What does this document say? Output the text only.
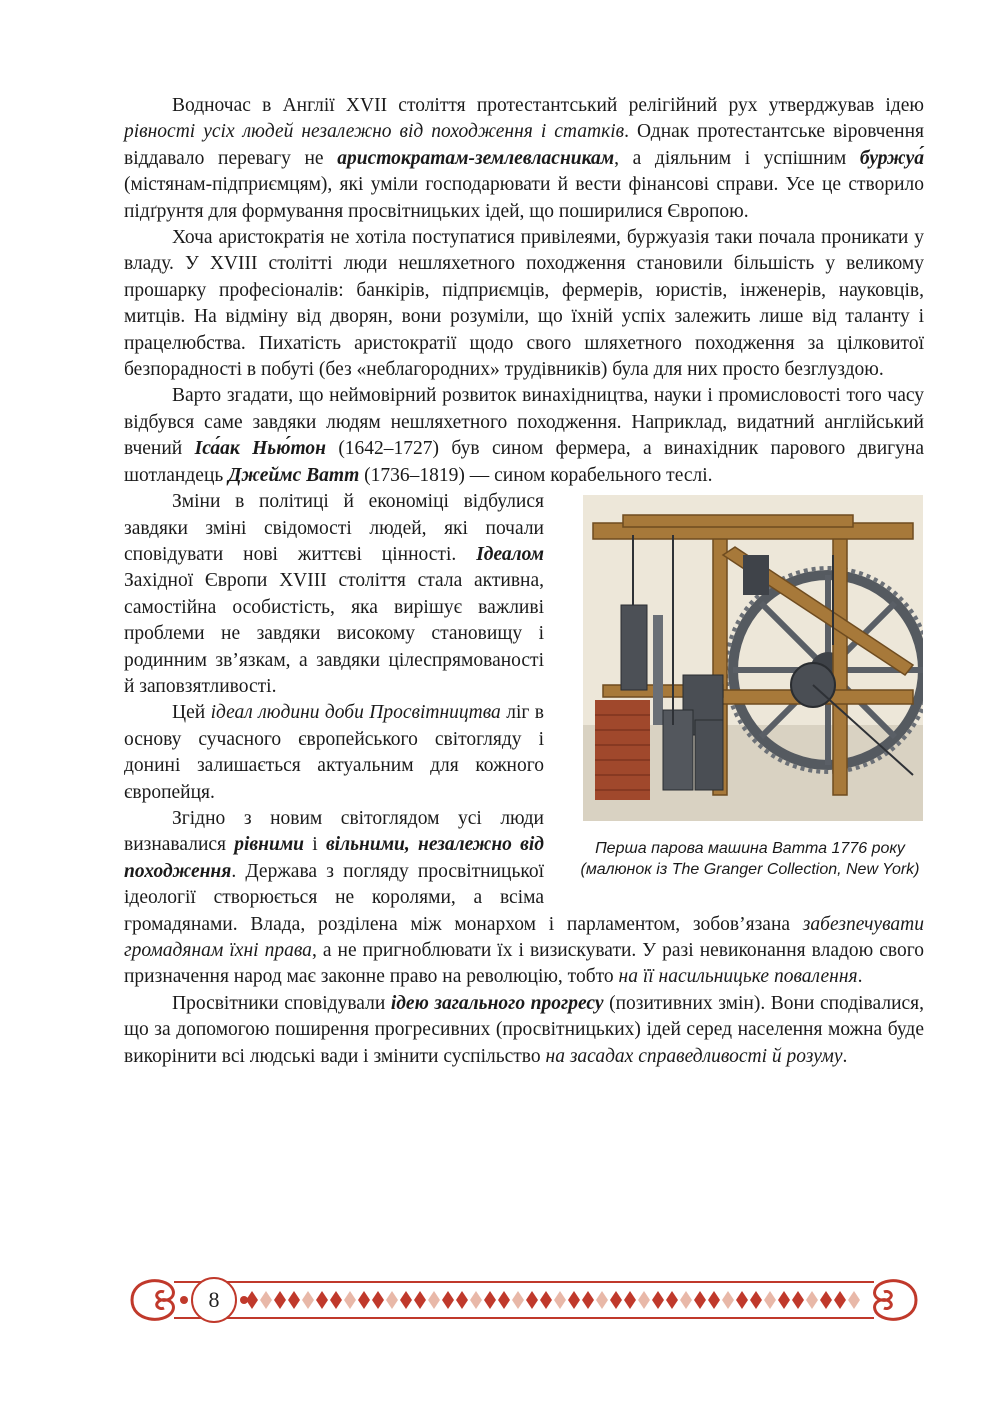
Водночас в Англії XVII століття протестантський релігійний рух утверджував ідею рівності усіх людей незалежно від походження і статків. Однак протестантське віровчення віддавало перевагу не аристократам-землевласникам, а діяльним і успішним буржуа́ (містянам-підприємцям), які уміли господарювати й вести фінансові справи. Усе це створило підґрунтя для формування просвітницьких ідей, що поширилися Європою.

Хоча аристократія не хотіла поступатися привілеями, буржуазія таки почала проникати у владу. У XVIII столітті люди нешляхетного походження становили більшість у великому прошарку професіоналів: банкірів, підприємців, фермерів, юристів, інженерів, науковців, митців. На відміну від дворян, вони розуміли, що їхній успіх залежить лише від таланту і працелюбства. Пихатість аристократії щодо свого шляхетного походження за цілковитої безпорадності в побуті (без «неблагородних» трудівників) була для них просто безглуздою.

Варто згадати, що неймовірний розвиток винахідництва, науки і промисловості того часу відбувся саме завдяки людям нешляхетного походження. Наприклад, видатний англійський вчений Іса́ак Нью́тон (1642–1727) був сином фермера, а винахідник парового двигуна шотландець Джеймс Ватт (1736–1819) — сином корабельного теслі.

Перша парова машина Ватта 1776 року (малюнок із The Granger Collection, New York)

Зміни в політиці й економіці відбулися завдяки зміні свідомості людей, які почали сповідувати нові життєві цінності. Ідеалом Західної Європи XVIII століття стала активна, самостійна особистість, яка вирішує важливі проблеми не завдяки високому становищу і родинним зв’язкам, а завдяки цілеспрямованості й заповзятливості.

Цей ідеал людини доби Просвітництва ліг в основу сучасного європейського світогляду і донині залишається актуальним для кожного європейця.

Згідно з новим світоглядом усі люди визнавалися рівними і вільними, незалежно від походження. Держава з погляду просвітницької ідеології створюється не королями, а всіма громадянами. Влада, розділена між монархом і парламентом, зобов’язана забезпечувати громадянам їхні права, а не пригноблювати їх і визискувати. У разі невиконання владою свого призначення народ має законне право на революцію, тобто на її насильницьке повалення.

Просвітники сповідували ідею загального прогресу (позитивних змін). Вони сподівалися, що за допомогою поширення прогресивних (просвітницьких) ідей серед населення можна буде викорінити всі людські вади і змінити суспільство на засадах справедливості й розуму.

8
